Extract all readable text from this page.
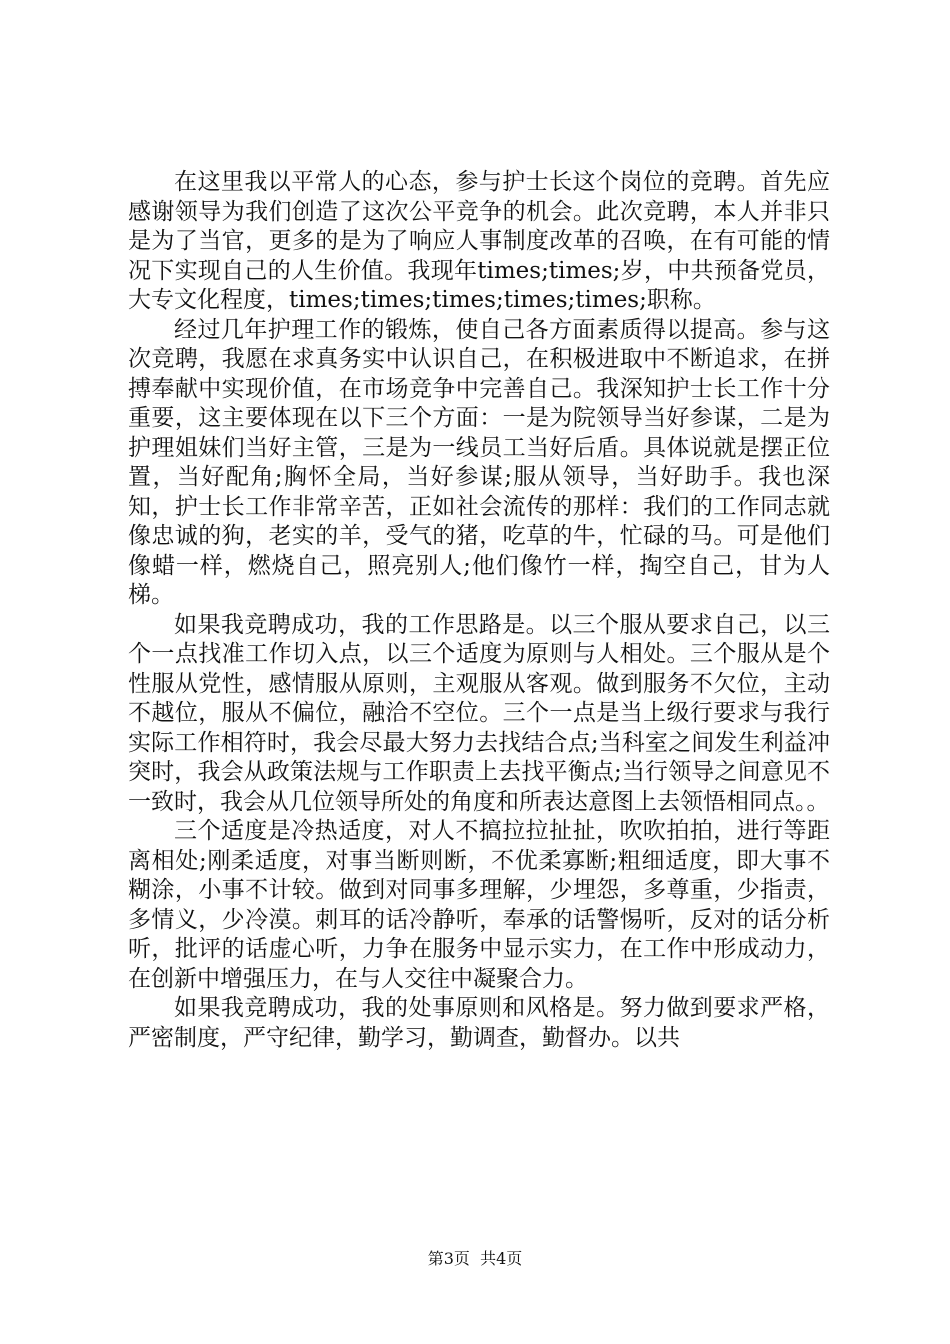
在这里我以平常人的心态，参与护士长这个岗位的竞聘。首先应感谢领导为我们创造了这次公平竞争的机会。此次竞聘，本人并非只是为了当官，更多的是为了响应人事制度改革的召唤，在有可能的情况下实现自己的人生价值。我现年times;times;岁，中共预备党员，大专文化程度，times;times;times;times;times;职称。

经过几年护理工作的锻炼，使自己各方面素质得以提高。参与这次竞聘，我愿在求真务实中认识自己，在积极进取中不断追求，在拼搏奉献中实现价值，在市场竞争中完善自己。我深知护士长工作十分重要，这主要体现在以下三个方面：一是为院领导当好参谋，二是为护理姐妹们当好主管，三是为一线员工当好后盾。具体说就是摆正位置，当好配角;胸怀全局，当好参谋;服从领导，当好助手。我也深知，护士长工作非常辛苦，正如社会流传的那样：我们的工作同志就像忠诚的狗，老实的羊，受气的猪，吃草的牛，忙碌的马。可是他们像蜡一样，燃烧自己，照亮别人;他们像竹一样，掏空自己，甘为人梯。

如果我竞聘成功，我的工作思路是。以三个服从要求自己，以三个一点找准工作切入点，以三个适度为原则与人相处。三个服从是个性服从党性，感情服从原则，主观服从客观。做到服务不欠位，主动不越位，服从不偏位，融洽不空位。三个一点是当上级行要求与我行实际工作相符时，我会尽最大努力去找结合点;当科室之间发生利益冲突时，我会从政策法规与工作职责上去找平衡点;当行领导之间意见不一致时，我会从几位领导所处的角度和所表达意图上去领悟相同点。。

三个适度是冷热适度，对人不搞拉拉扯扯，吹吹拍拍，进行等距离相处;刚柔适度，对事当断则断，不优柔寡断;粗细适度，即大事不糊涂，小事不计较。做到对同事多理解，少埋怨，多尊重，少指责，多情义，少冷漠。刺耳的话冷静听，奉承的话警惕听，反对的话分析听，批评的话虚心听，力争在服务中显示实力，在工作中形成动力，在创新中增强压力，在与人交往中凝聚合力。

如果我竞聘成功，我的处事原则和风格是。努力做到要求严格，严密制度，严守纪律，勤学习，勤调查，勤督办。以共

第3页  共4页
